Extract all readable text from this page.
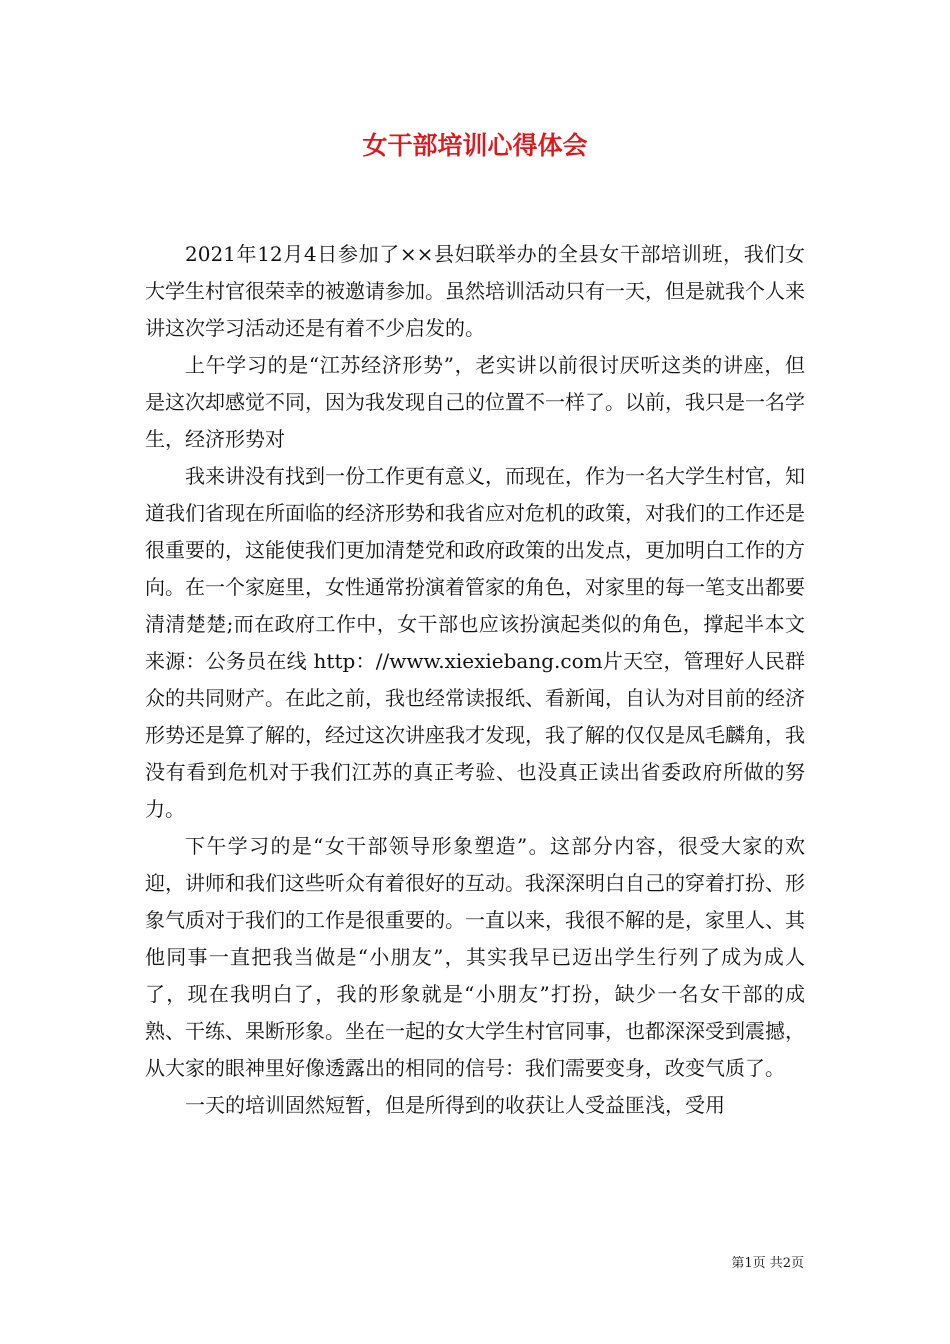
女干部培训心得体会

2021年12月4日参加了××县妇联举办的全县女干部培训班，我们女大学生村官很荣幸的被邀请参加。虽然培训活动只有一天，但是就我个人来讲这次学习活动还是有着不少启发的。

上午学习的是“江苏经济形势”，老实讲以前很讨厌听这类的讲座，但是这次却感觉不同，因为我发现自己的位置不一样了。以前，我只是一名学生，经济形势对

我来讲没有找到一份工作更有意义，而现在，作为一名大学生村官，知道我们省现在所面临的经济形势和我省应对危机的政策，对我们的工作还是很重要的，这能使我们更加清楚党和政府政策的出发点，更加明白工作的方向。在一个家庭里，女性通常扮演着管家的角色，对家里的每一笔支出都要清清楚楚;而在政府工作中，女干部也应该扮演起类似的角色，撑起半本文来源：公务员在线 http：//www.xiexiebang.com片天空，管理好人民群众的共同财产。在此之前，我也经常读报纸、看新闻，自认为对目前的经济形势还是算了解的，经过这次讲座我才发现，我了解的仅仅是凤毛麟角，我没有看到危机对于我们江苏的真正考验、也没真正读出省委政府所做的努力。

下午学习的是“女干部领导形象塑造”。这部分内容，很受大家的欢迎，讲师和我们这些听众有着很好的互动。我深深明白自己的穿着打扮、形象气质对于我们的工作是很重要的。一直以来，我很不解的是，家里人、其他同事一直把我当做是“小朋友”，其实我早已迈出学生行列了成为成人了，现在我明白了，我的形象就是“小朋友”打扮，缺少一名女干部的成熟、干练、果断形象。坐在一起的女大学生村官同事，也都深深受到震撼，从大家的眼神里好像透露出的相同的信号：我们需要变身，改变气质了。

一天的培训固然短暂，但是所得到的收获让人受益匪浅，受用

第1页 共2页
